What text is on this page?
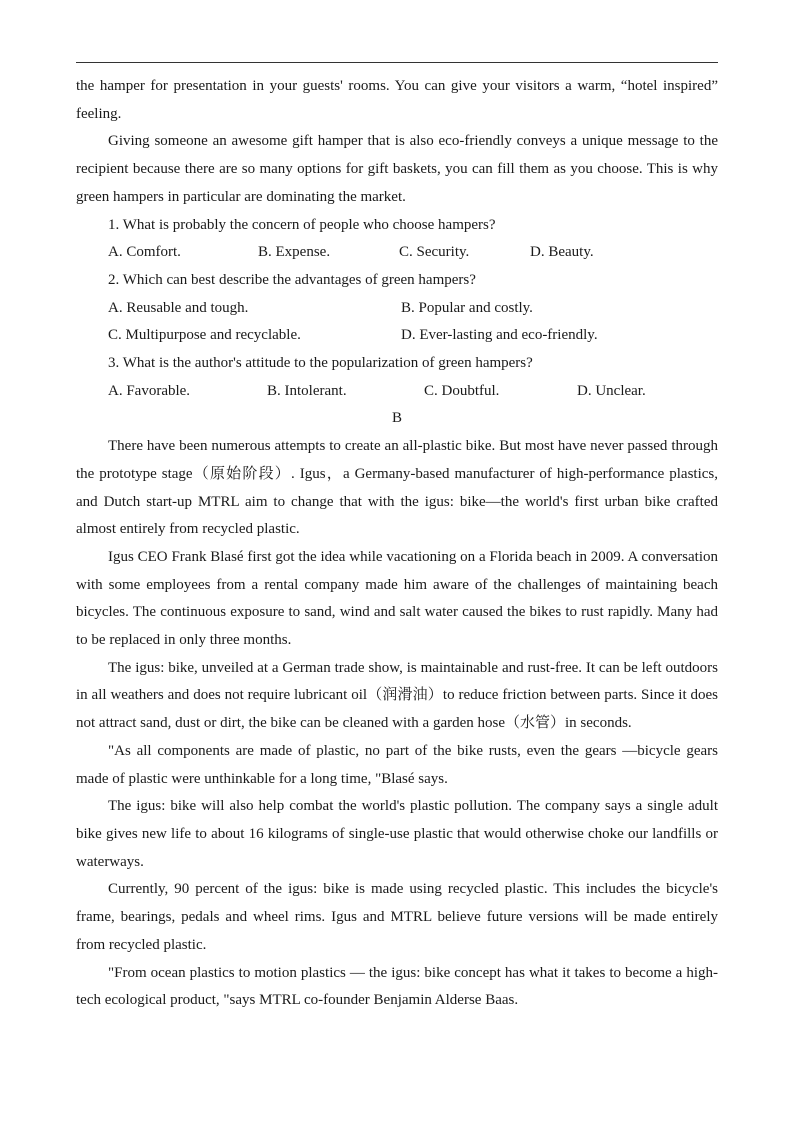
the hamper for presentation in your guests' rooms. You can give your visitors a warm, “hotel inspired” feeling.

Giving someone an awesome gift hamper that is also eco-friendly conveys a unique message to the recipient because there are so many options for gift baskets, you can fill them as you choose. This is why green hampers in particular are dominating the market.

1. What is probably the concern of people who choose hampers?

A. Comfort.	B. Expense.	C. Security.	D. Beauty.

2. Which can best describe the advantages of green hampers?

A. Reusable and tough.	B. Popular and costly.
C. Multipurpose and recyclable.	D. Ever-lasting and eco-friendly.

3. What is the author's attitude to the popularization of green hampers?

A. Favorable.	B. Intolerant.	C. Doubtful.	D. Unclear.

B

There have been numerous attempts to create an all-plastic bike. But most have never passed through the prototype stage（原始阶段）. Igus，a Germany-based manufacturer of high-performance plastics, and Dutch start-up MTRL aim to change that with the igus: bike—the world's first urban bike crafted almost entirely from recycled plastic.

Igus CEO Frank Blasé first got the idea while vacationing on a Florida beach in 2009. A conversation with some employees from a rental company made him aware of the challenges of maintaining beach bicycles. The continuous exposure to sand, wind and salt water caused the bikes to rust rapidly. Many had to be replaced in only three months.

The igus: bike, unveiled at a German trade show, is maintainable and rust-free. It can be left outdoors in all weathers and does not require lubricant oil（润滑油）to reduce friction between parts. Since it does not attract sand, dust or dirt, the bike can be cleaned with a garden hose（水管）in seconds.

"As all components are made of plastic, no part of the bike rusts, even the gears —bicycle gears made of plastic were unthinkable for a long time, "Blasé says.

The igus: bike will also help combat the world's plastic pollution. The company says a single adult bike gives new life to about 16 kilograms of single-use plastic that would otherwise choke our landfills or waterways.

Currently, 90 percent of the igus: bike is made using recycled plastic. This includes the bicycle's frame, bearings, pedals and wheel rims. Igus and MTRL believe future versions will be made entirely from recycled plastic.

"From ocean plastics to motion plastics — the igus: bike concept has what it takes to become a high-tech ecological product, "says MTRL co-founder Benjamin Alderse Baas.
